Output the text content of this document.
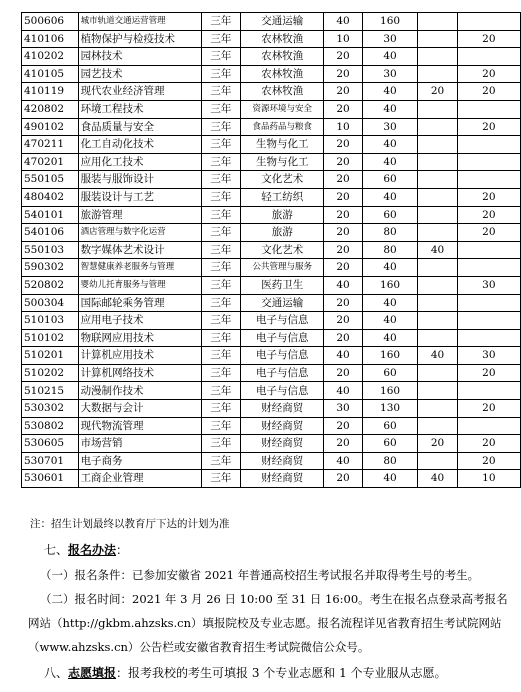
500606	城市轨道交通运营管理	三年	交通运输	40	160		
410106	植物保护与检疫技术	三年	农林牧渔	10	30		20
410202	园林技术	三年	农林牧渔	20	40		
410105	园艺技术	三年	农林牧渔	20	30		20
410119	现代农业经济管理	三年	农林牧渔	20	40	20	20
420802	环境工程技术	三年	资源环境与安全	20	40		
490102	食品质量与安全	三年	食品药品与粮食	10	30		20
470211	化工自动化技术	三年	生物与化工	20	40		
470201	应用化工技术	三年	生物与化工	20	40		
550105	服装与服饰设计	三年	文化艺术	20	60		
480402	服装设计与工艺	三年	轻工纺织	20	40		20
540101	旅游管理	三年	旅游	20	60		20
540106	酒店管理与数字化运营	三年	旅游	20	80		20
550103	数字媒体艺术设计	三年	文化艺术	20	80	40	
590302	智慧健康养老服务与管理	三年	公共管理与服务	20	40		
520802	婴幼儿托育服务与管理	三年	医药卫生	40	160		30
500304	国际邮轮乘务管理	三年	交通运输	20	40		
510103	应用电子技术	三年	电子与信息	20	40		
510102	物联网应用技术	三年	电子与信息	20	40		
510201	计算机应用技术	三年	电子与信息	40	160	40	30
510202	计算机网络技术	三年	电子与信息	20	60		20
510215	动漫制作技术	三年	电子与信息	40	160		
530302	大数据与会计	三年	财经商贸	30	130		20
530802	现代物流管理	三年	财经商贸	20	60		
530605	市场营销	三年	财经商贸	20	60	20	20
530701	电子商务	三年	财经商贸	40	80		20
530601	工商企业管理	三年	财经商贸	20	40	40	10
注：招生计划最终以教育厅下达的计划为准
七、报名办法：
（一）报名条件：已参加安徽省 2021 年普通高校招生考试报名并取得考生号的考生。
（二）报名时间：2021 年 3 月 26 日 10:00 至 31 日 16:00。考生在报名点登录高考报名网站（http://gkbm.ahzsks.cn）填报院校及专业志愿。报名流程详见省教育招生考试院网站（www.ahzsks.cn）公告栏或安徽省教育招生考试院微信公众号。
八、志愿填报：报考我校的考生可填报 3 个专业志愿和 1 个专业服从志愿。
